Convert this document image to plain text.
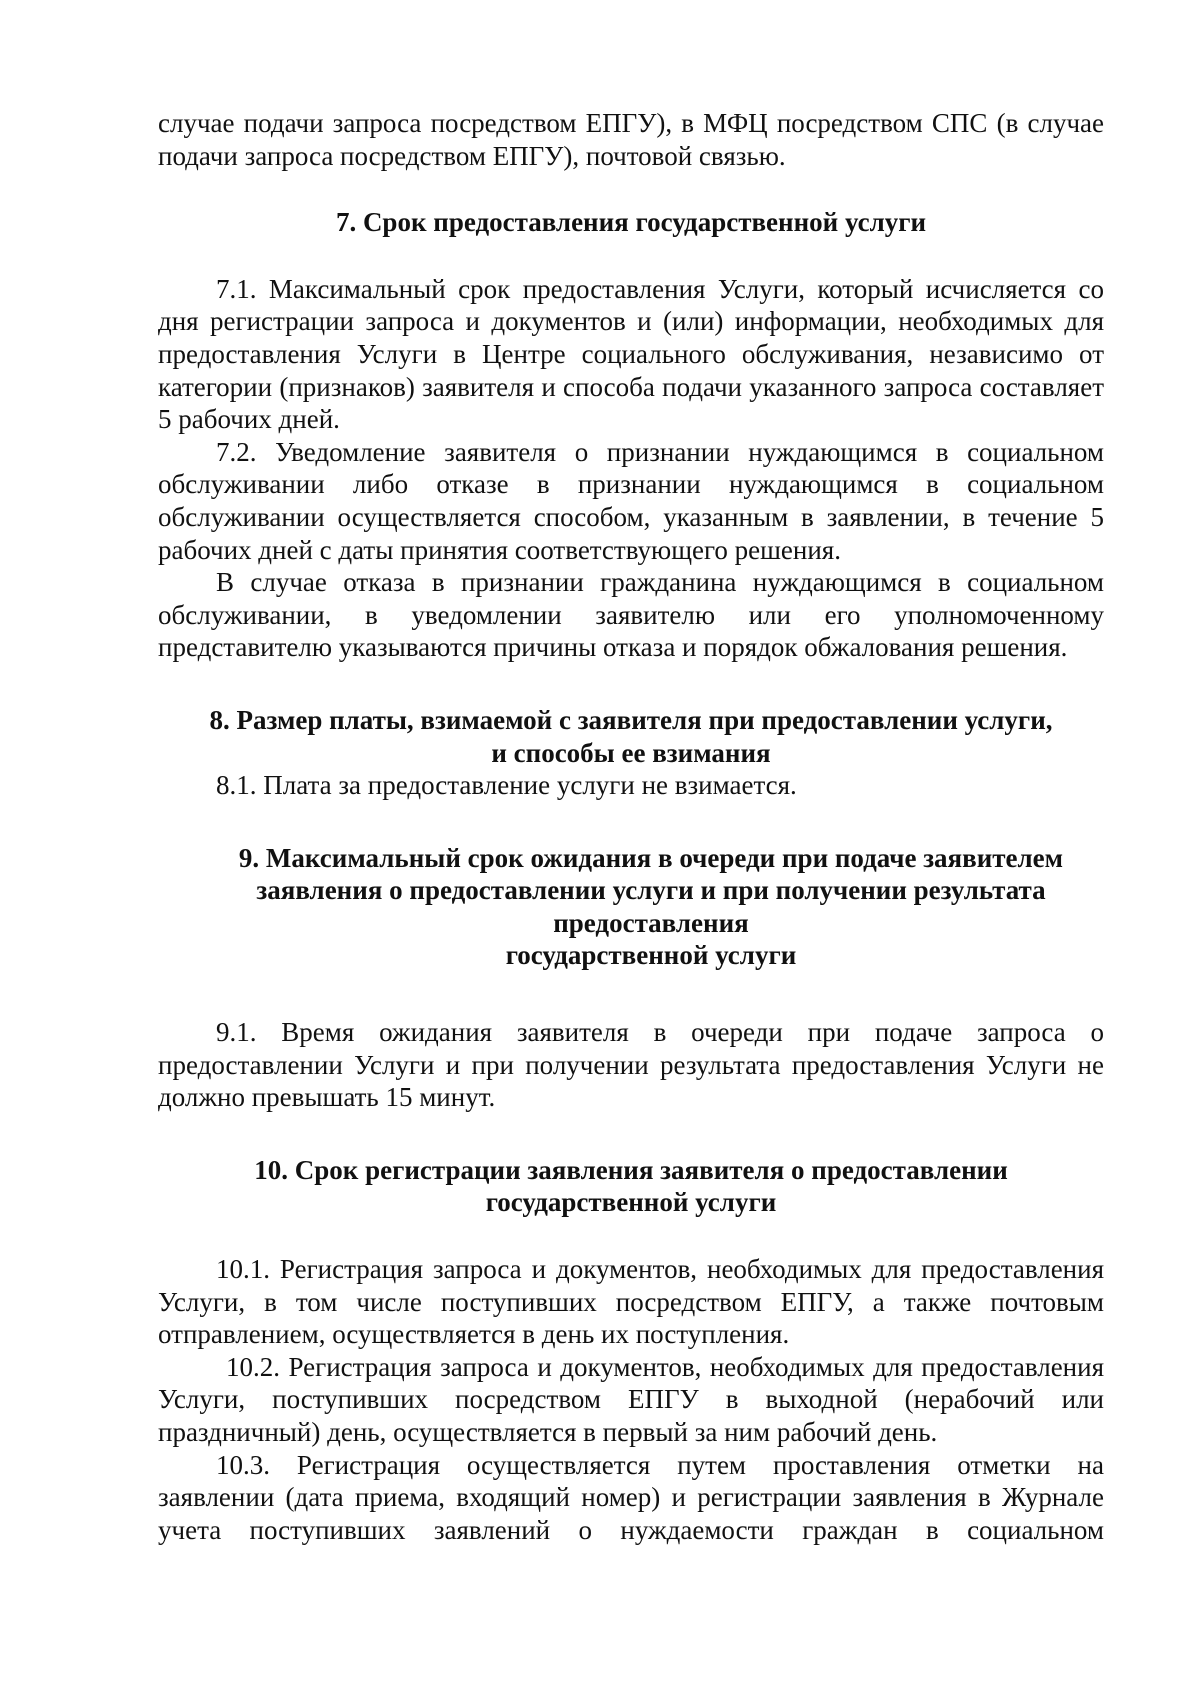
случае подачи запроса посредством ЕПГУ), в МФЦ посредством СПС (в случае
подачи запроса посредством ЕПГУ), почтовой связью.

7. Срок предоставления государственной услуги

7.1. Максимальный срок предоставления Услуги, который исчисляется со дня регистрации запроса и документов и (или) информации, необходимых для предоставления Услуги в Центре социального обслуживания, независимо от категории (признаков) заявителя и способа подачи указанного запроса составляет 5 рабочих дней.

7.2. Уведомление заявителя о признании нуждающимся в социальном обслуживании либо отказе в признании нуждающимся в социальном обслуживании осуществляется способом, указанным в заявлении, в течение 5 рабочих дней с даты принятия соответствующего решения.

В случае отказа в признании гражданина нуждающимся в социальном обслуживании, в уведомлении заявителю или его уполномоченному представителю указываются причины отказа и порядок обжалования решения.

8. Размер платы, взимаемой с заявителя при предоставлении услуги,
и способы ее взимания

8.1. Плата за предоставление услуги не взимается.

9. Максимальный срок ожидания в очереди при подаче заявителем
заявления о предоставлении услуги и при получении результата
предоставления
государственной услуги

9.1. Время ожидания заявителя в очереди при подаче запроса о предоставлении Услуги и при получении результата предоставления Услуги не должно превышать 15 минут.

10. Срок регистрации заявления заявителя о предоставлении
государственной услуги

10.1. Регистрация запроса и документов, необходимых для предоставления Услуги, в том числе поступивших посредством ЕПГУ, а также почтовым отправлением, осуществляется в день их поступления.

10.2. Регистрация запроса и документов, необходимых для предоставления Услуги, поступивших посредством ЕПГУ в выходной (нерабочий или праздничный) день, осуществляется в первый за ним рабочий день.

10.3. Регистрация осуществляется путем проставления отметки на заявлении (дата приема, входящий номер) и регистрации заявления в Журнале учета поступивших заявлений о нуждаемости граждан в социальном
